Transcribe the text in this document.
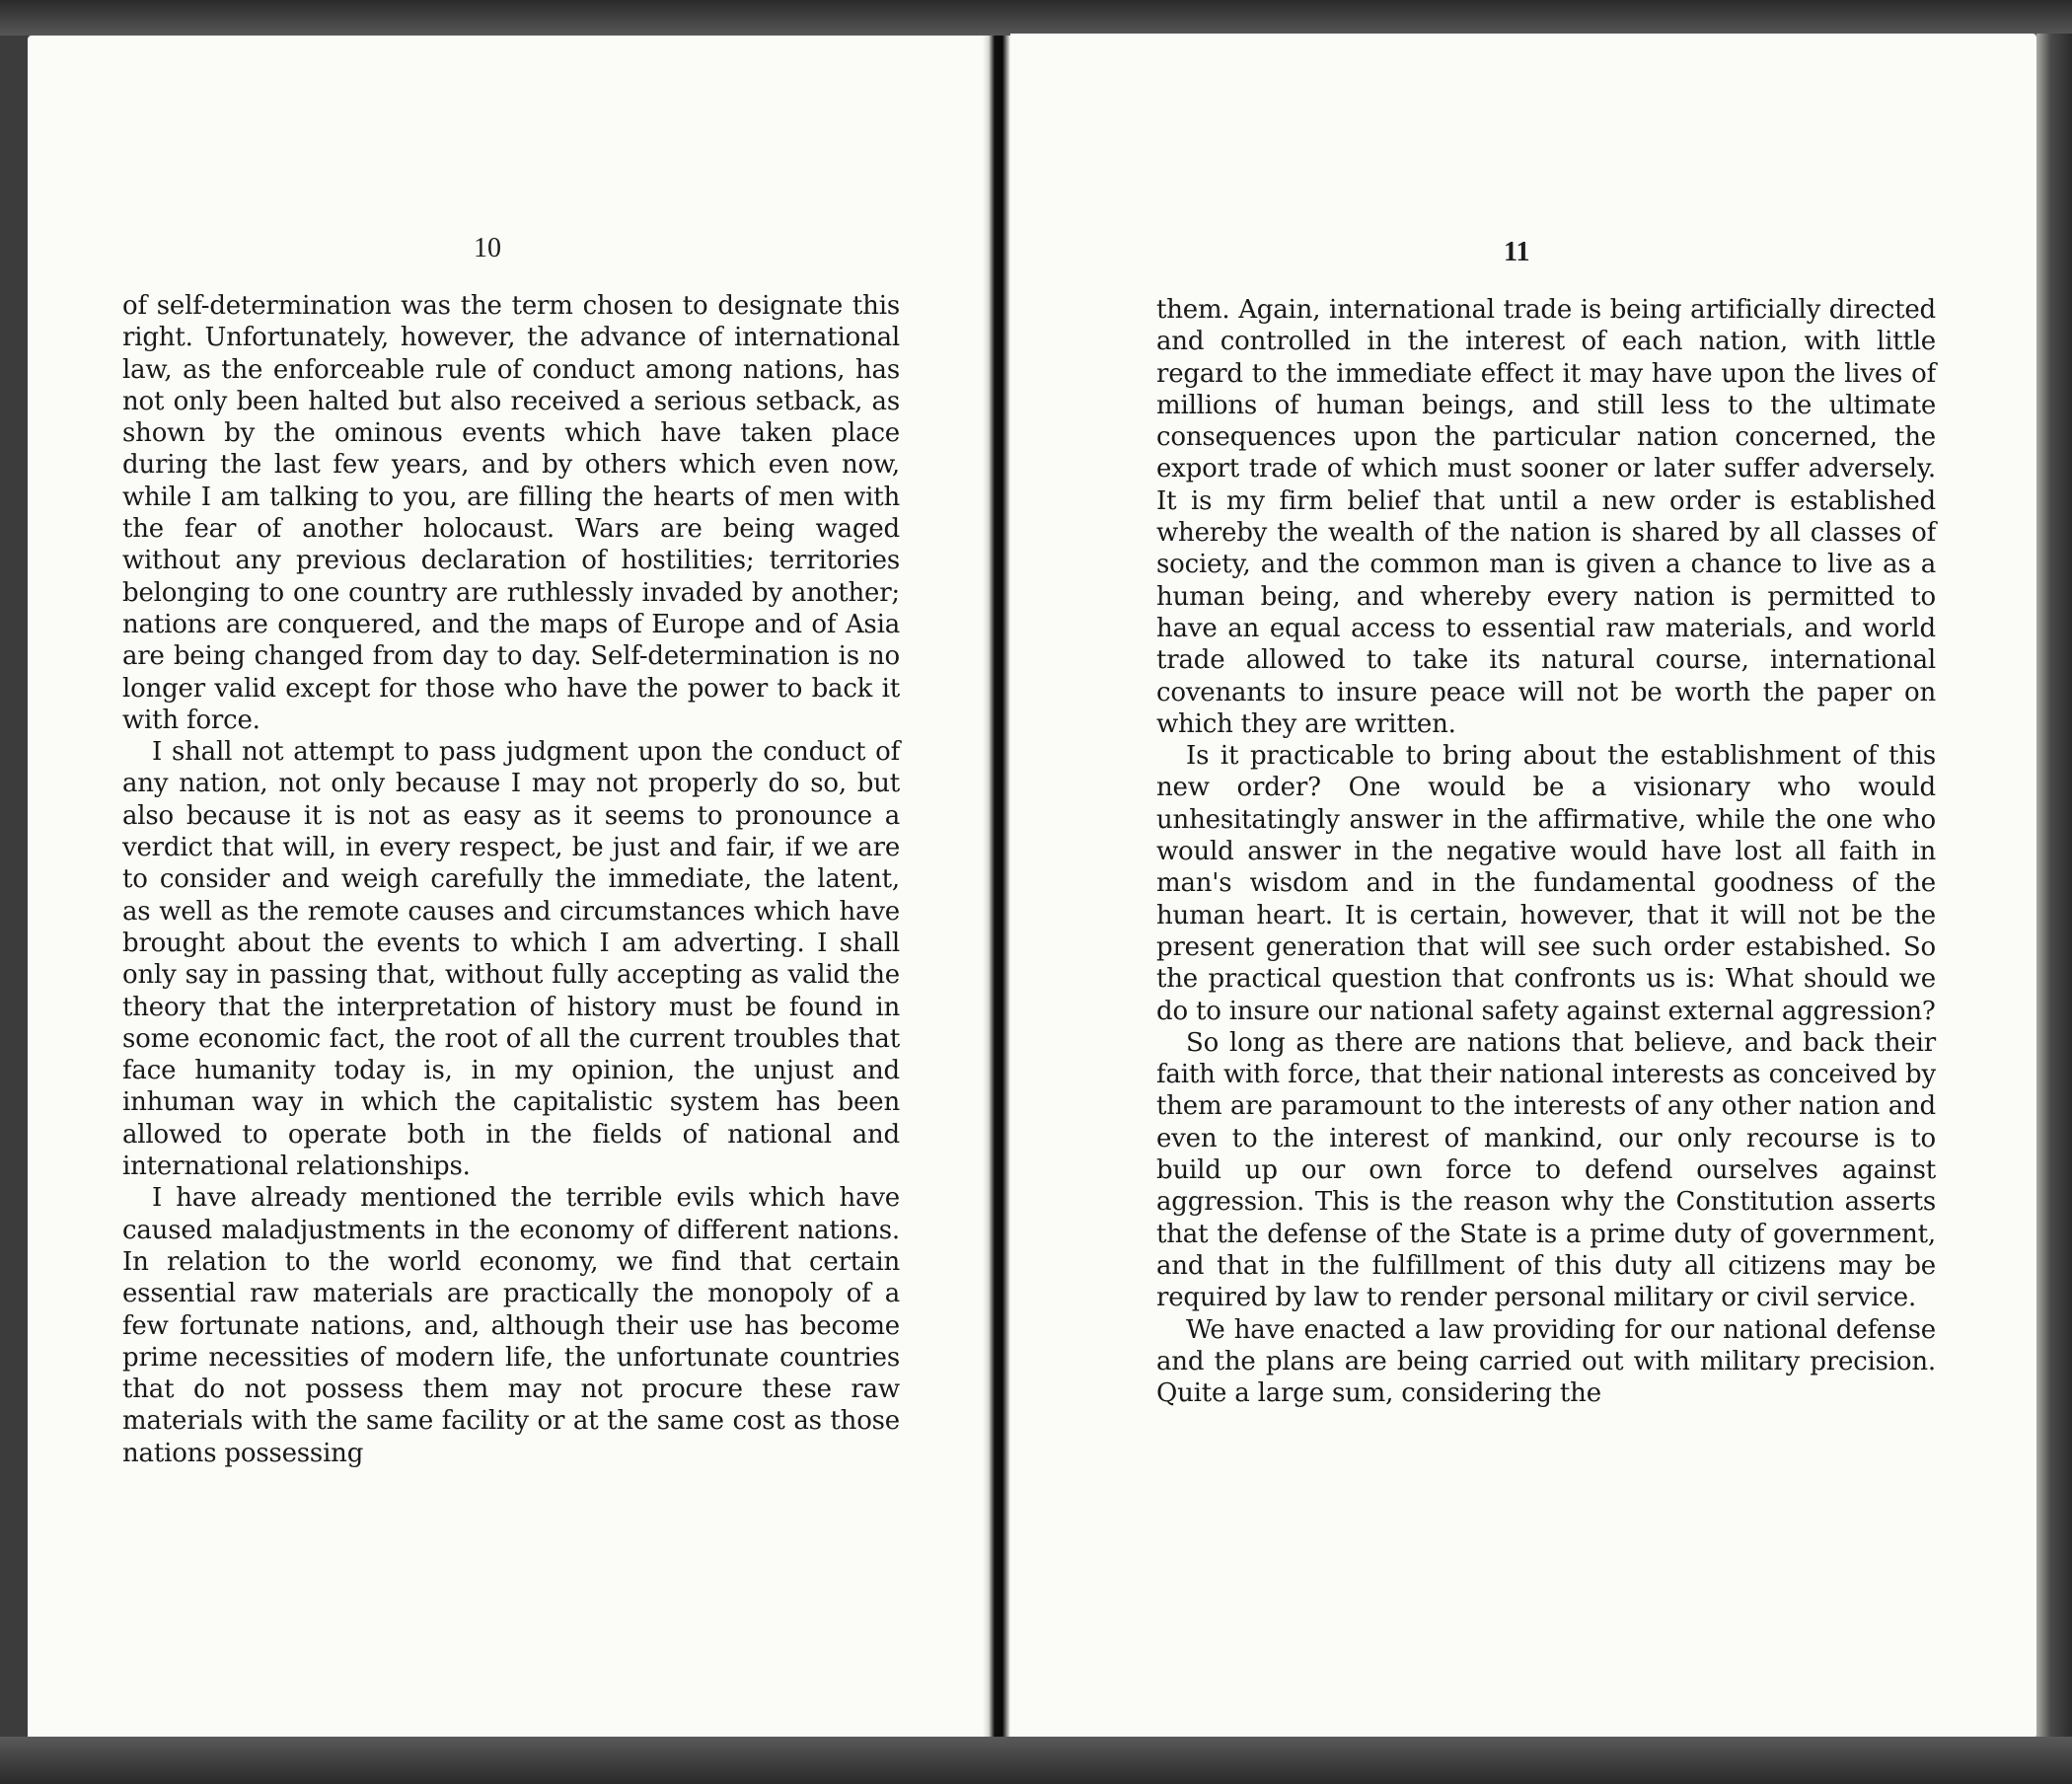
10

of self-determination was the term chosen to designate this right. Unfortunately, however, the advance of international law, as the enforceable rule of conduct among nations, has not only been halted but also received a serious setback, as shown by the ominous events which have taken place during the last few years, and by others which even now, while I am talking to you, are filling the hearts of men with the fear of another holocaust. Wars are being waged without any previous declaration of hostilities; territories belonging to one country are ruthlessly invaded by another; nations are conquered, and the maps of Europe and of Asia are being changed from day to day. Self-determination is no longer valid except for those who have the power to back it with force.

I shall not attempt to pass judgment upon the conduct of any nation, not only because I may not properly do so, but also because it is not as easy as it seems to pronounce a verdict that will, in every respect, be just and fair, if we are to consider and weigh carefully the immediate, the latent, as well as the remote causes and circumstances which have brought about the events to which I am adverting. I shall only say in passing that, without fully accepting as valid the theory that the interpretation of history must be found in some economic fact, the root of all the current troubles that face humanity today is, in my opinion, the unjust and inhuman way in which the capitalistic system has been allowed to operate both in the fields of national and international relationships.

I have already mentioned the terrible evils which have caused maladjustments in the economy of different nations. In relation to the world economy, we find that certain essential raw materials are practically the monopoly of a few fortunate nations, and, although their use has become prime necessities of modern life, the unfortunate countries that do not possess them may not procure these raw materials with the same facility or at the same cost as those nations possessing

11

them. Again, international trade is being artificially directed and controlled in the interest of each nation, with little regard to the immediate effect it may have upon the lives of millions of human beings, and still less to the ultimate consequences upon the particular nation concerned, the export trade of which must sooner or later suffer adversely. It is my firm belief that until a new order is established whereby the wealth of the nation is shared by all classes of society, and the common man is given a chance to live as a human being, and whereby every nation is permitted to have an equal access to essential raw materials, and world trade allowed to take its natural course, international covenants to insure peace will not be worth the paper on which they are written.

Is it practicable to bring about the establishment of this new order? One would be a visionary who would unhesitatingly answer in the affirmative, while the one who would answer in the negative would have lost all faith in man's wisdom and in the fundamental goodness of the human heart. It is certain, however, that it will not be the present generation that will see such order estabished. So the practical question that confronts us is: What should we do to insure our national safety against external aggression?

So long as there are nations that believe, and back their faith with force, that their national interests as conceived by them are paramount to the interests of any other nation and even to the interest of mankind, our only recourse is to build up our own force to defend ourselves against aggression. This is the reason why the Constitution asserts that the defense of the State is a prime duty of government, and that in the fulfillment of this duty all citizens may be required by law to render personal military or civil service.

We have enacted a law providing for our national defense and the plans are being carried out with military precision. Quite a large sum, considering the
